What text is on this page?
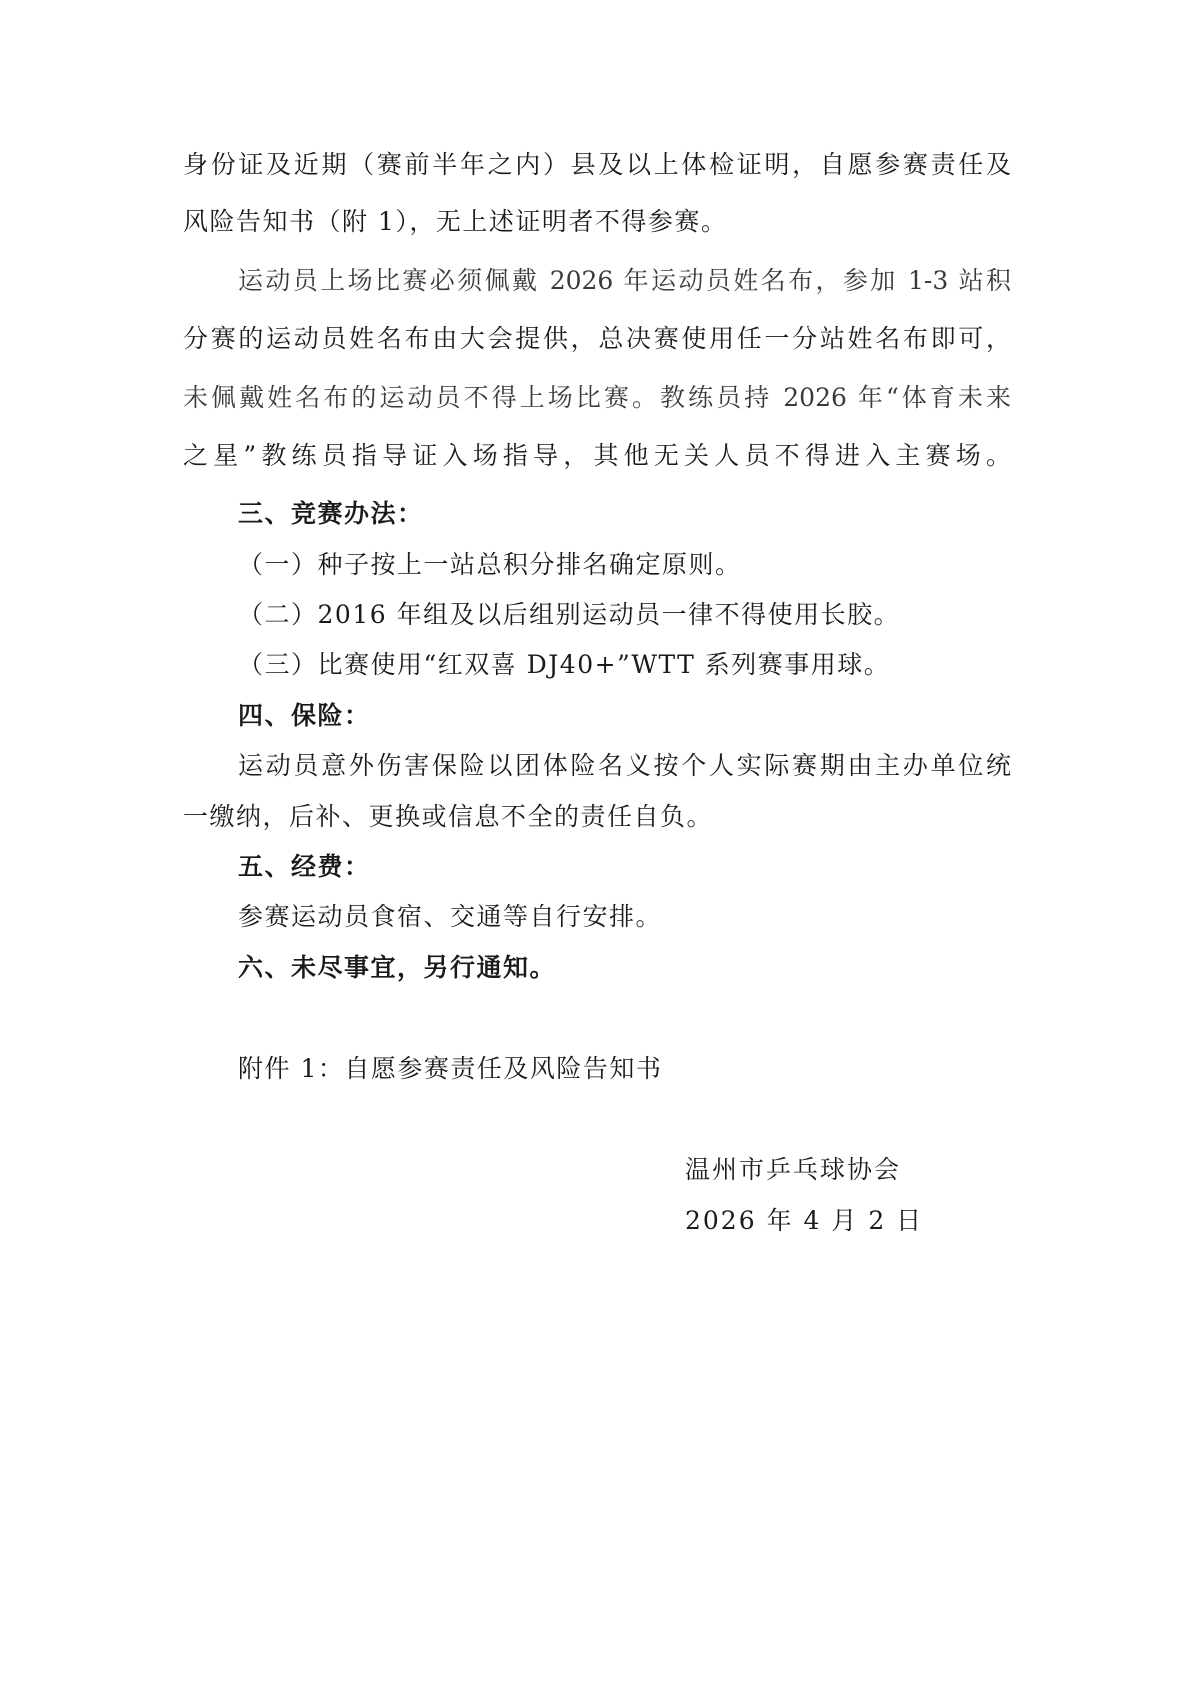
身份证及近期（赛前半年之内）县及以上体检证明，自愿参赛责任及
风险告知书（附 1），无上述证明者不得参赛。
运动员上场比赛必须佩戴 2026 年运动员姓名布，参加 1-3 站积
分赛的运动员姓名布由大会提供，总决赛使用任一分站姓名布即可，
未佩戴姓名布的运动员不得上场比赛。教练员持 2026 年“体育未来
之星”教练员指导证入场指导，其他无关人员不得进入主赛场。
三、竞赛办法：
（一）种子按上一站总积分排名确定原则。
（二）2016 年组及以后组别运动员一律不得使用长胶。
（三）比赛使用“红双喜 DJ40+”WTT 系列赛事用球。
四、保险：
运动员意外伤害保险以团体险名义按个人实际赛期由主办单位统
一缴纳，后补、更换或信息不全的责任自负。
五、经费：
参赛运动员食宿、交通等自行安排。
六、未尽事宜，另行通知。
附件 1：自愿参赛责任及风险告知书
温州市乒乓球协会
2026 年 4 月 2 日
